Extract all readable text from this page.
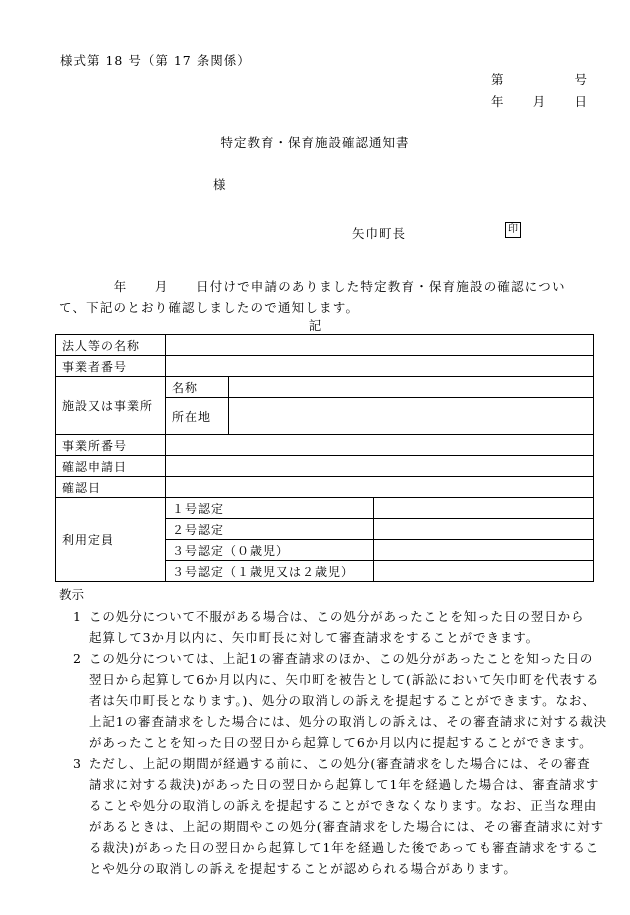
様式第 18 号（第 17 条関係）
第	号
年 月 日
特定教育・保育施設確認通知書
様
矢巾町長	印
　　　　年　　月　　日付けで申請のありました特定教育・保育施設の確認につい
て、下記のとおり確認しましたので通知します。
記
法人等の名称			
事業者番号			
施設又は事業所	名称		
	所在地		
事業所番号			
確認申請日			
確認日			
利用定員	１号認定		
	２号認定		
	３号認定（０歳児）		
	３号認定（１歳児又は２歳児）		
教示
1 この処分について不服がある場合は、この処分があったことを知った日の翌日から
起算して3か月以内に、矢巾町長に対して審査請求をすることができます。
2 この処分については、上記1の審査請求のほか、この処分があったことを知った日の
翌日から起算して6か月以内に、矢巾町を被告として(訴訟において矢巾町を代表する
者は矢巾町長となります。)、処分の取消しの訴えを提起することができます。なお、
上記1の審査請求をした場合には、処分の取消しの訴えは、その審査請求に対する裁決
があったことを知った日の翌日から起算して6か月以内に提起することができます。
3 ただし、上記の期間が経過する前に、この処分(審査請求をした場合には、その審査
請求に対する裁決)があった日の翌日から起算して1年を経過した場合は、審査請求す
ることや処分の取消しの訴えを提起することができなくなります。なお、正当な理由
があるときは、上記の期間やこの処分(審査請求をした場合には、その審査請求に対す
る裁決)があった日の翌日から起算して1年を経過した後であっても審査請求をするこ
とや処分の取消しの訴えを提起することが認められる場合があります。
